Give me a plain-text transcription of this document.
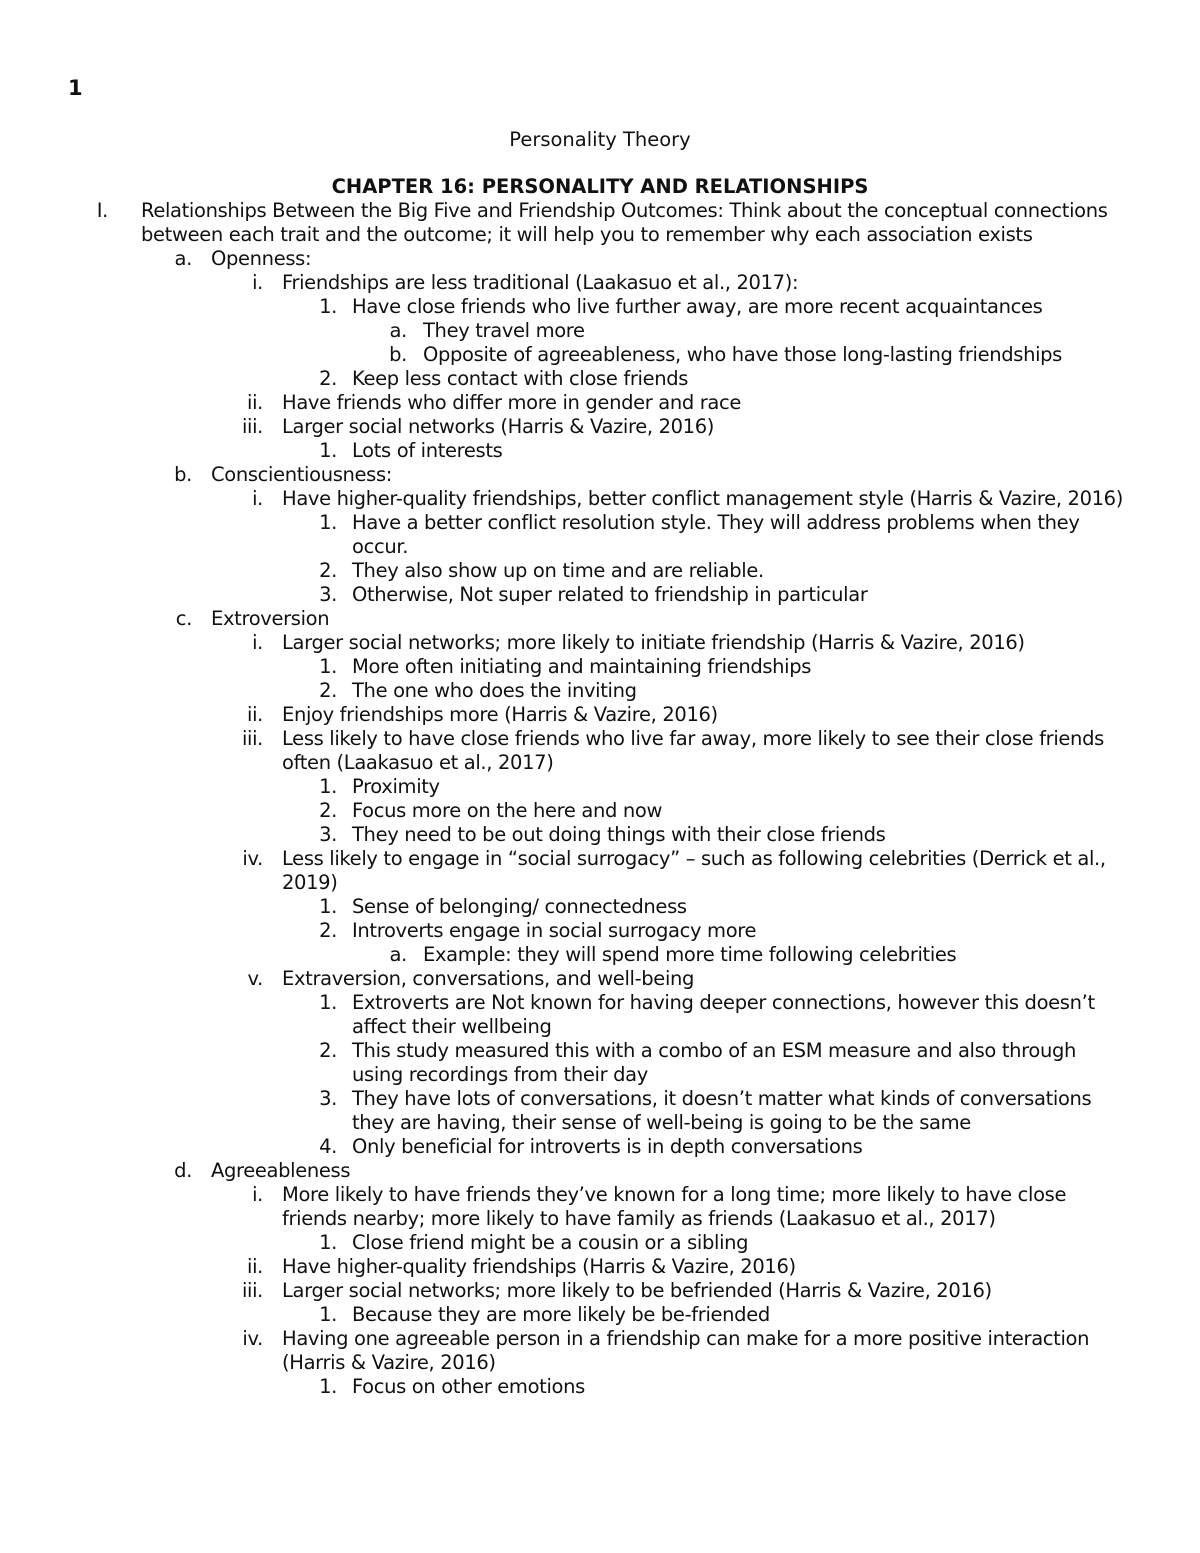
1
Personality Theory
CHAPTER 16: PERSONALITY AND RELATIONSHIPS
I. Relationships Between the Big Five and Friendship Outcomes: Think about the conceptual connections between each trait and the outcome; it will help you to remember why each association exists
a. Openness:
i. Friendships are less traditional (Laakasuo et al., 2017):
1. Have close friends who live further away, are more recent acquaintances
a. They travel more
b. Opposite of agreeableness, who have those long-lasting friendships
2. Keep less contact with close friends
ii. Have friends who differ more in gender and race
iii. Larger social networks (Harris & Vazire, 2016)
1. Lots of interests
b. Conscientiousness:
i. Have higher-quality friendships, better conflict management style (Harris & Vazire, 2016)
1. Have a better conflict resolution style. They will address problems when they occur.
2. They also show up on time and are reliable.
3. Otherwise, Not super related to friendship in particular
c. Extroversion
i. Larger social networks; more likely to initiate friendship (Harris & Vazire, 2016)
1. More often initiating and maintaining friendships
2. The one who does the inviting
ii. Enjoy friendships more (Harris & Vazire, 2016)
iii. Less likely to have close friends who live far away, more likely to see their close friends often (Laakasuo et al., 2017)
1. Proximity
2. Focus more on the here and now
3. They need to be out doing things with their close friends
iv. Less likely to engage in “social surrogacy” – such as following celebrities (Derrick et al., 2019)
1. Sense of belonging/ connectedness
2. Introverts engage in social surrogacy more
a. Example: they will spend more time following celebrities
v. Extraversion, conversations, and well-being
1. Extroverts are Not known for having deeper connections, however this doesn’t affect their wellbeing
2. This study measured this with a combo of an ESM measure and also through using recordings from their day
3. They have lots of conversations, it doesn’t matter what kinds of conversations they are having, their sense of well-being is going to be the same
4. Only beneficial for introverts is in depth conversations
d. Agreeableness
i. More likely to have friends they’ve known for a long time; more likely to have close friends nearby; more likely to have family as friends (Laakasuo et al., 2017)
1. Close friend might be a cousin or a sibling
ii. Have higher-quality friendships (Harris & Vazire, 2016)
iii. Larger social networks; more likely to be befriended (Harris & Vazire, 2016)
1. Because they are more likely be be-friended
iv. Having one agreeable person in a friendship can make for a more positive interaction (Harris & Vazire, 2016)
1. Focus on other emotions
